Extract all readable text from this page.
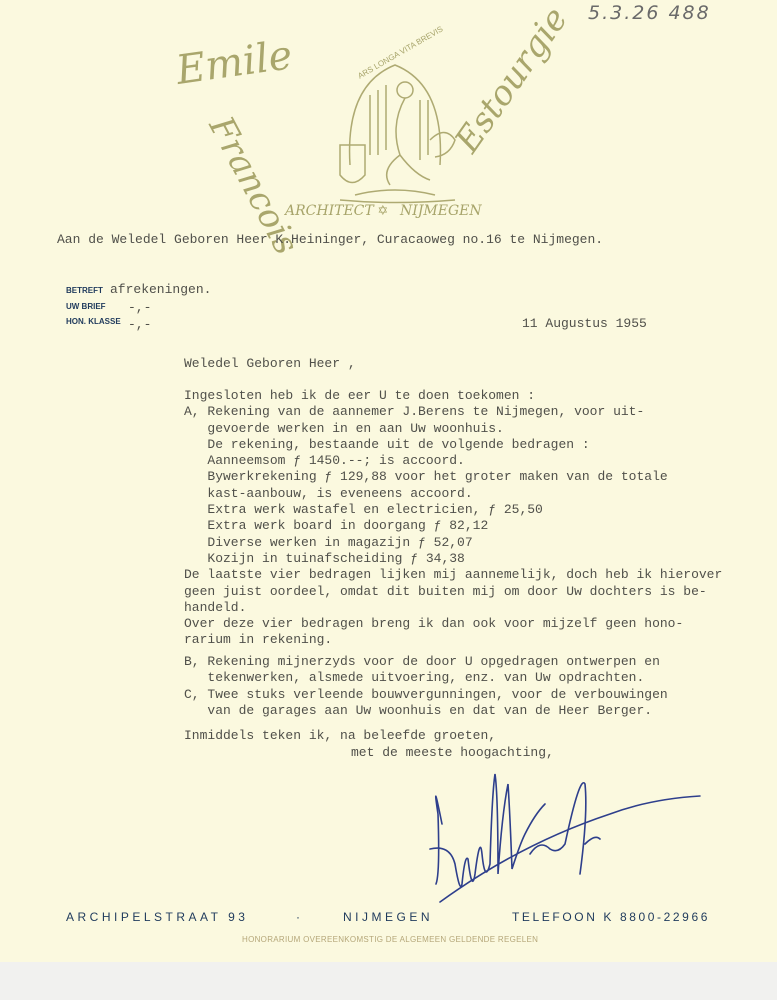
5.3.26 488
Emile
Francois
Estourgie
ARS LONGA VITA BREVIS
ARCHITECT ✡ NIJMEGEN
Aan de Weledel Geboren Heer K.Heininger, Curacaoweg no.16 te Nijmegen.
BETREFT afrekeningen.
UW BRIEF -,-
HON. KLASSE -,-	11 Augustus 1955
Weledel Geboren Heer ,
Ingesloten heb ik de eer U te doen toekomen :
A, Rekening van de aannemer J.Berens te Nijmegen, voor uit-
gevoerde werken in en aan Uw woonhuis.
De rekening, bestaande uit de volgende bedragen :
Aanneemsom ƒ 1450.--; is accoord.
Bywerkrekening ƒ 129,88 voor het groter maken van de totale
kast-aanbouw, is eveneens accoord.
Extra werk wastafel en electricien, ƒ 25,50
Extra werk board in doorgang ƒ 82,12
Diverse werken in magazijn ƒ 52,07
Kozijn in tuinafscheiding ƒ 34,38
De laatste vier bedragen lijken mij aannemelijk, doch heb ik hierover
geen juist oordeel, omdat dit buiten mij om door Uw dochters is be-
handeld.
Over deze vier bedragen breng ik dan ook voor mijzelf geen hono-
rarium in rekening.
B, Rekening mijnerzyds voor de door U opgedragen ontwerpen en
tekenwerken, alsmede uitvoering, enz. van Uw opdrachten.
C, Twee stuks verleende bouwvergunningen, voor de verbouwingen
van de garages aan Uw woonhuis en dat van de Heer Berger.
Inmiddels teken ik, na beleefde groeten,
met de meeste hoogachting,
ARCHIPELSTRAAT 93	·	NIJMEGEN	TELEFOON K 8800-22966
HONORARIUM OVEREENKOMSTIG DE ALGEMEEN GELDENDE REGELEN
